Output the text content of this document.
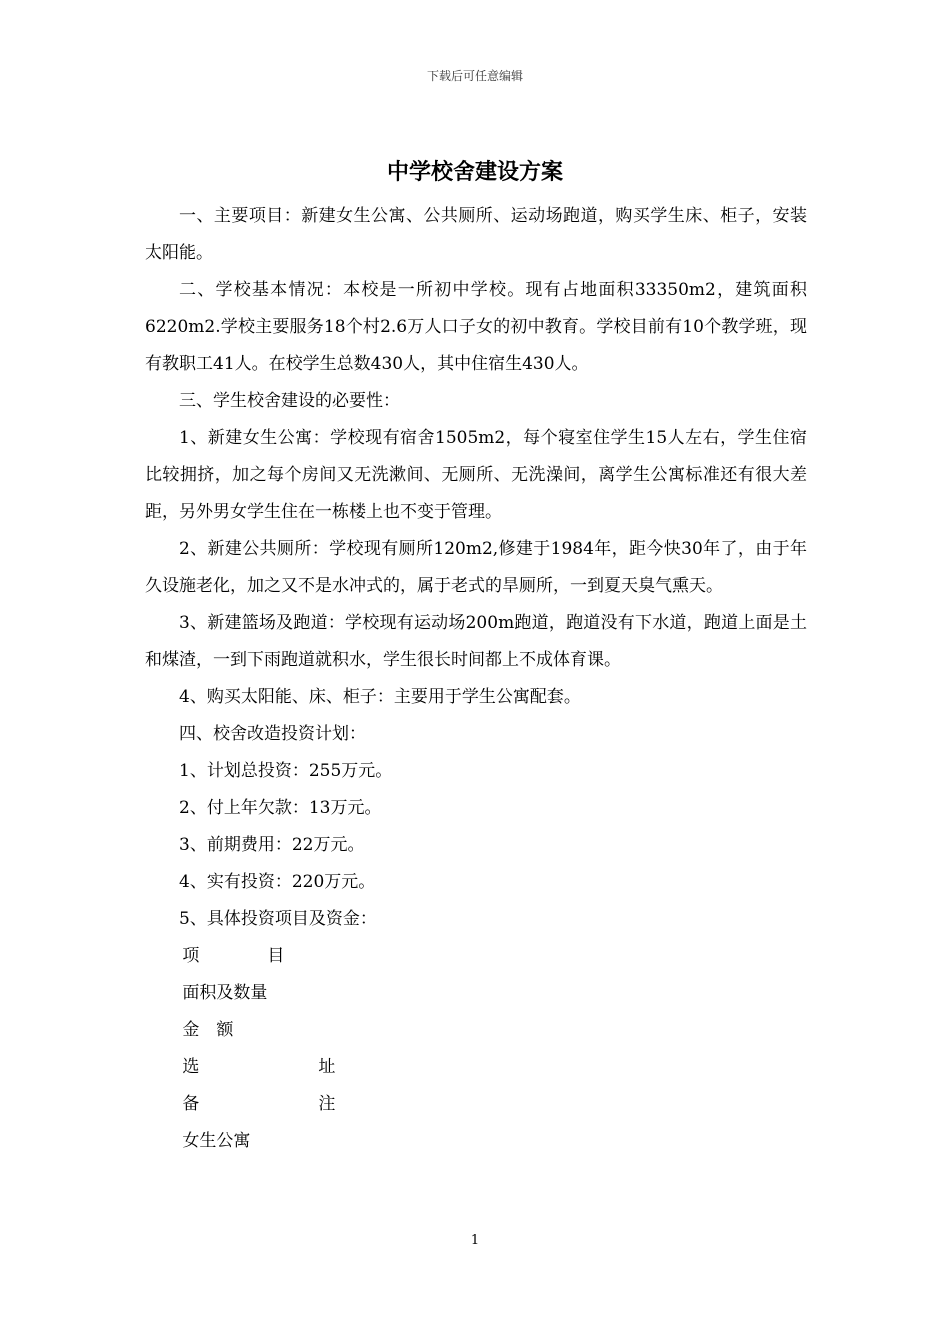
下载后可任意编辑
中学校舍建设方案

一、主要项目：新建女生公寓、公共厕所、运动场跑道，购买学生床、柜子，安装太阳能。

二、学校基本情况：本校是一所初中学校。现有占地面积33350m2，建筑面积6220m2.学校主要服务18个村2.6万人口子女的初中教育。学校目前有10个教学班，现有教职工41人。在校学生总数430人，其中住宿生430人。

三、学生校舍建设的必要性：

1、新建女生公寓：学校现有宿舍1505m2，每个寝室住学生15人左右，学生住宿比较拥挤，加之每个房间又无洗漱间、无厕所、无洗澡间，离学生公寓标准还有很大差距，另外男女学生住在一栋楼上也不变于管理。

2、新建公共厕所：学校现有厕所120m2,修建于1984年，距今快30年了，由于年久设施老化，加之又不是水冲式的，属于老式的旱厕所，一到夏天臭气熏天。

3、新建篮场及跑道：学校现有运动场200m跑道，跑道没有下水道，跑道上面是土和煤渣，一到下雨跑道就积水，学生很长时间都上不成体育课。

4、购买太阳能、床、柜子：主要用于学生公寓配套。

四、校舍改造投资计划：

1、计划总投资：255万元。

2、付上年欠款：13万元。

3、前期费用：22万元。

4、实有投资：220万元。

5、具体投资项目及资金：

项　　　　目
面积及数量
金　额
选　　　　　　　址
备　　　　　　　注
女生公寓
1
